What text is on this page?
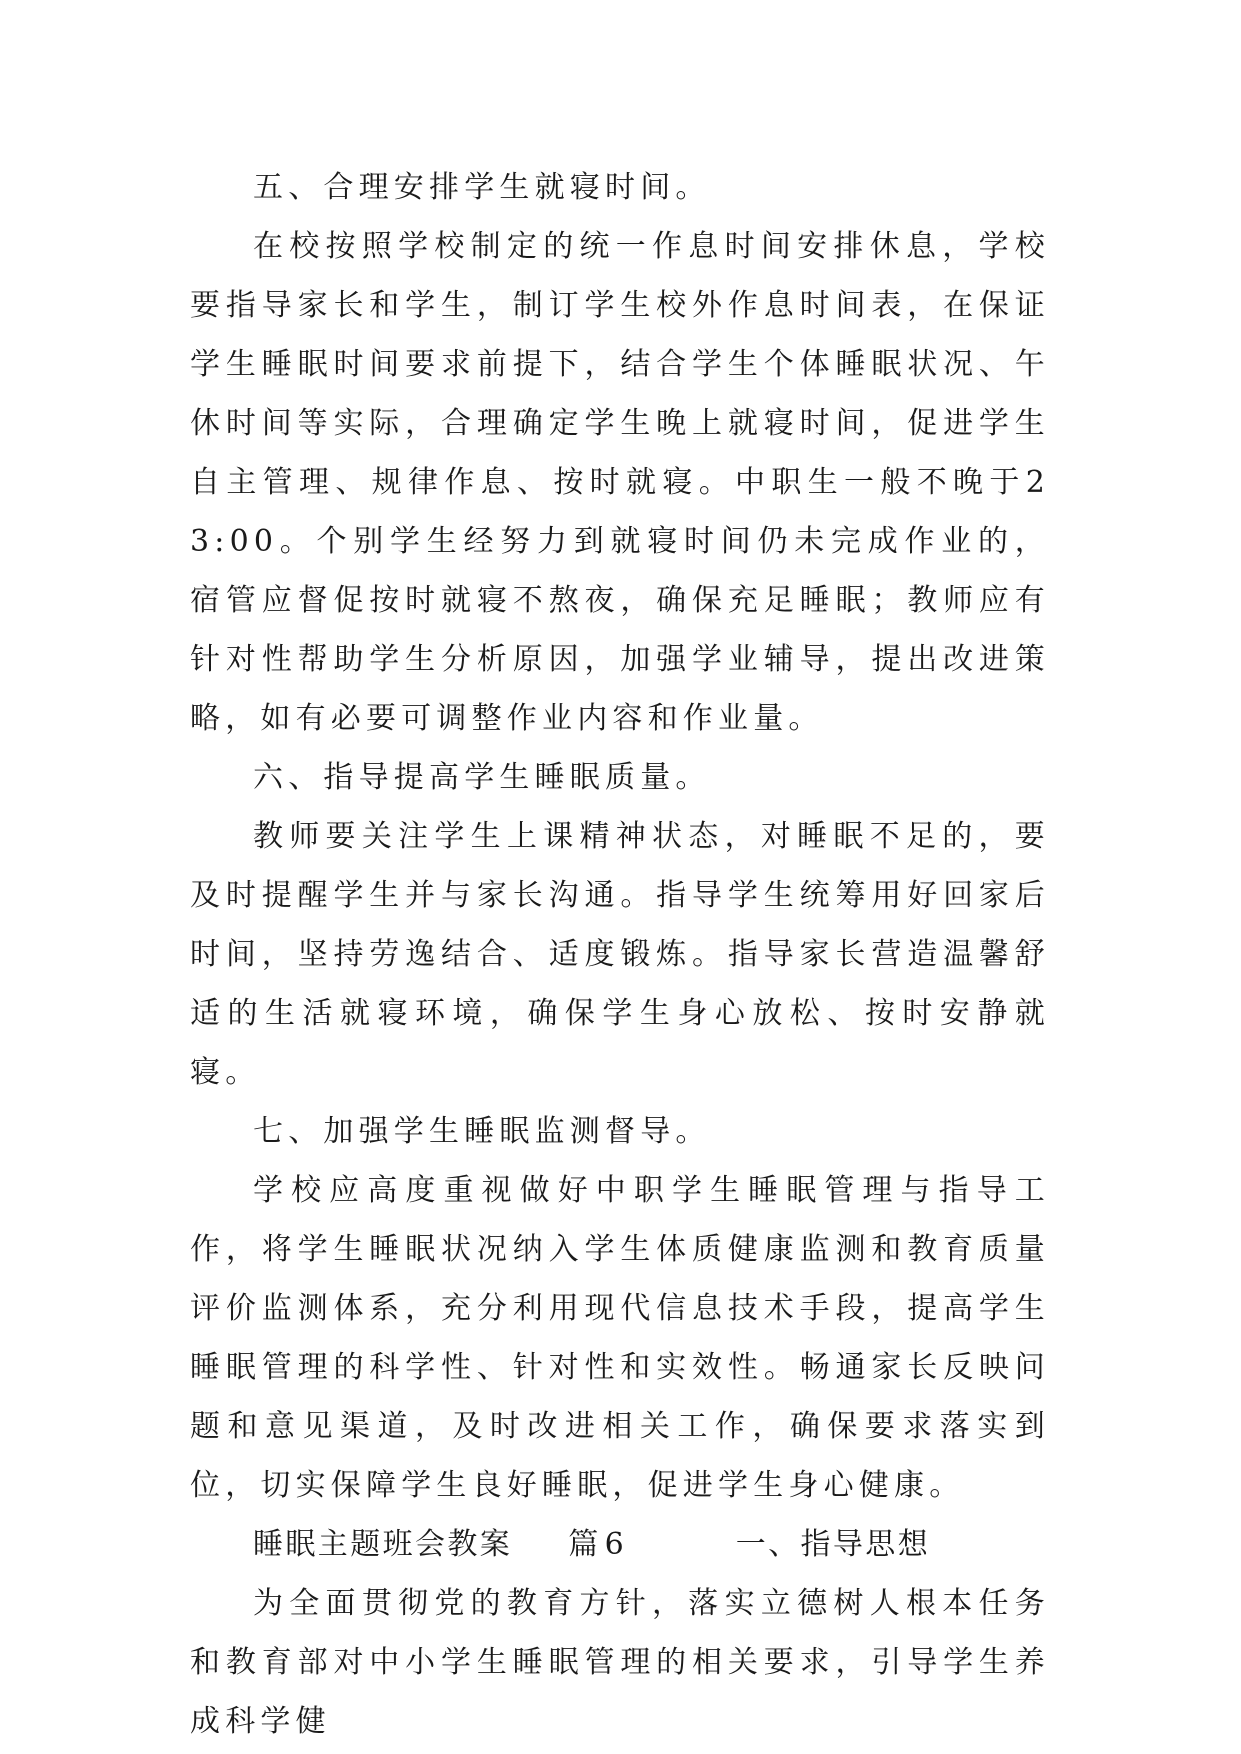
五、合理安排学生就寝时间。

在校按照学校制定的统一作息时间安排休息，学校要指导家长和学生，制订学生校外作息时间表，在保证学生睡眠时间要求前提下，结合学生个体睡眠状况、午休时间等实际，合理确定学生晚上就寝时间，促进学生自主管理、规律作息、按时就寝。中职生一般不晚于23:00。个别学生经努力到就寝时间仍未完成作业的，宿管应督促按时就寝不熬夜，确保充足睡眠；教师应有针对性帮助学生分析原因，加强学业辅导，提出改进策略，如有必要可调整作业内容和作业量。

六、指导提高学生睡眠质量。

教师要关注学生上课精神状态，对睡眠不足的，要及时提醒学生并与家长沟通。指导学生统筹用好回家后时间，坚持劳逸结合、适度锻炼。指导家长营造温馨舒适的生活就寝环境，确保学生身心放松、按时安静就寝。

七、加强学生睡眠监测督导。

学校应高度重视做好中职学生睡眠管理与指导工作，将学生睡眠状况纳入学生体质健康监测和教育质量评价监测体系，充分利用现代信息技术手段，提高学生睡眠管理的科学性、针对性和实效性。畅通家长反映问题和意见渠道，及时改进相关工作，确保要求落实到位，切实保障学生良好睡眠，促进学生身心健康。

睡眠主题班会教案 篇 6	一、指导思想

为全面贯彻党的教育方针，落实立德树人根本任务和教育部对中小学生睡眠管理的相关要求，引导学生养成科学健
